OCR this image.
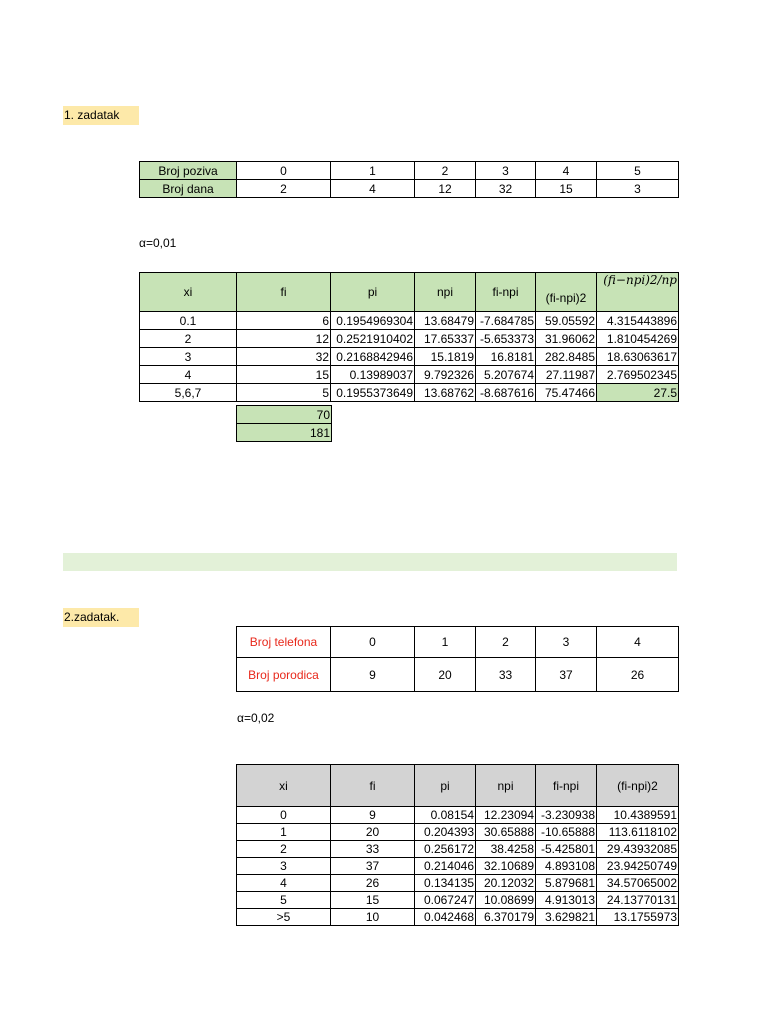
1. zadatak
Broj poziva	0	1	2	3	4	5
Broj dana	2	4	12	32	15	3
α=0,01
xi	fi	pi	npi	fi-npi	(fi-npi)2	(fi−npi)2/np
0.1	6	0.1954969304	13.68479	-7.684785	59.05592	4.315443896
2	12	0.2521910402	17.65337	-5.653373	31.96062	1.810454269
3	32	0.2168842946	15.1819	16.8181	282.8485	18.63063617
4	15	0.13989037	9.792326	5.207674	27.11987	2.769502345
5,6,7	5	0.1955373649	13.68762	-8.687616	75.47466	27.5
70
181
2.zadatak.
Broj telefona	0	1	2	3	4
Broj porodica	9	20	33	37	26
α=0,02
xi	fi	pi	npi	fi-npi	(fi-npi)2
0	9	0.08154	12.23094	-3.230938	10.4389591
1	20	0.204393	30.65888	-10.65888	113.6118102
2	33	0.256172	38.4258	-5.425801	29.43932085
3	37	0.214046	32.10689	4.893108	23.94250749
4	26	0.134135	20.12032	5.879681	34.57065002
5	15	0.067247	10.08699	4.913013	24.13770131
>5	10	0.042468	6.370179	3.629821	13.1755973
